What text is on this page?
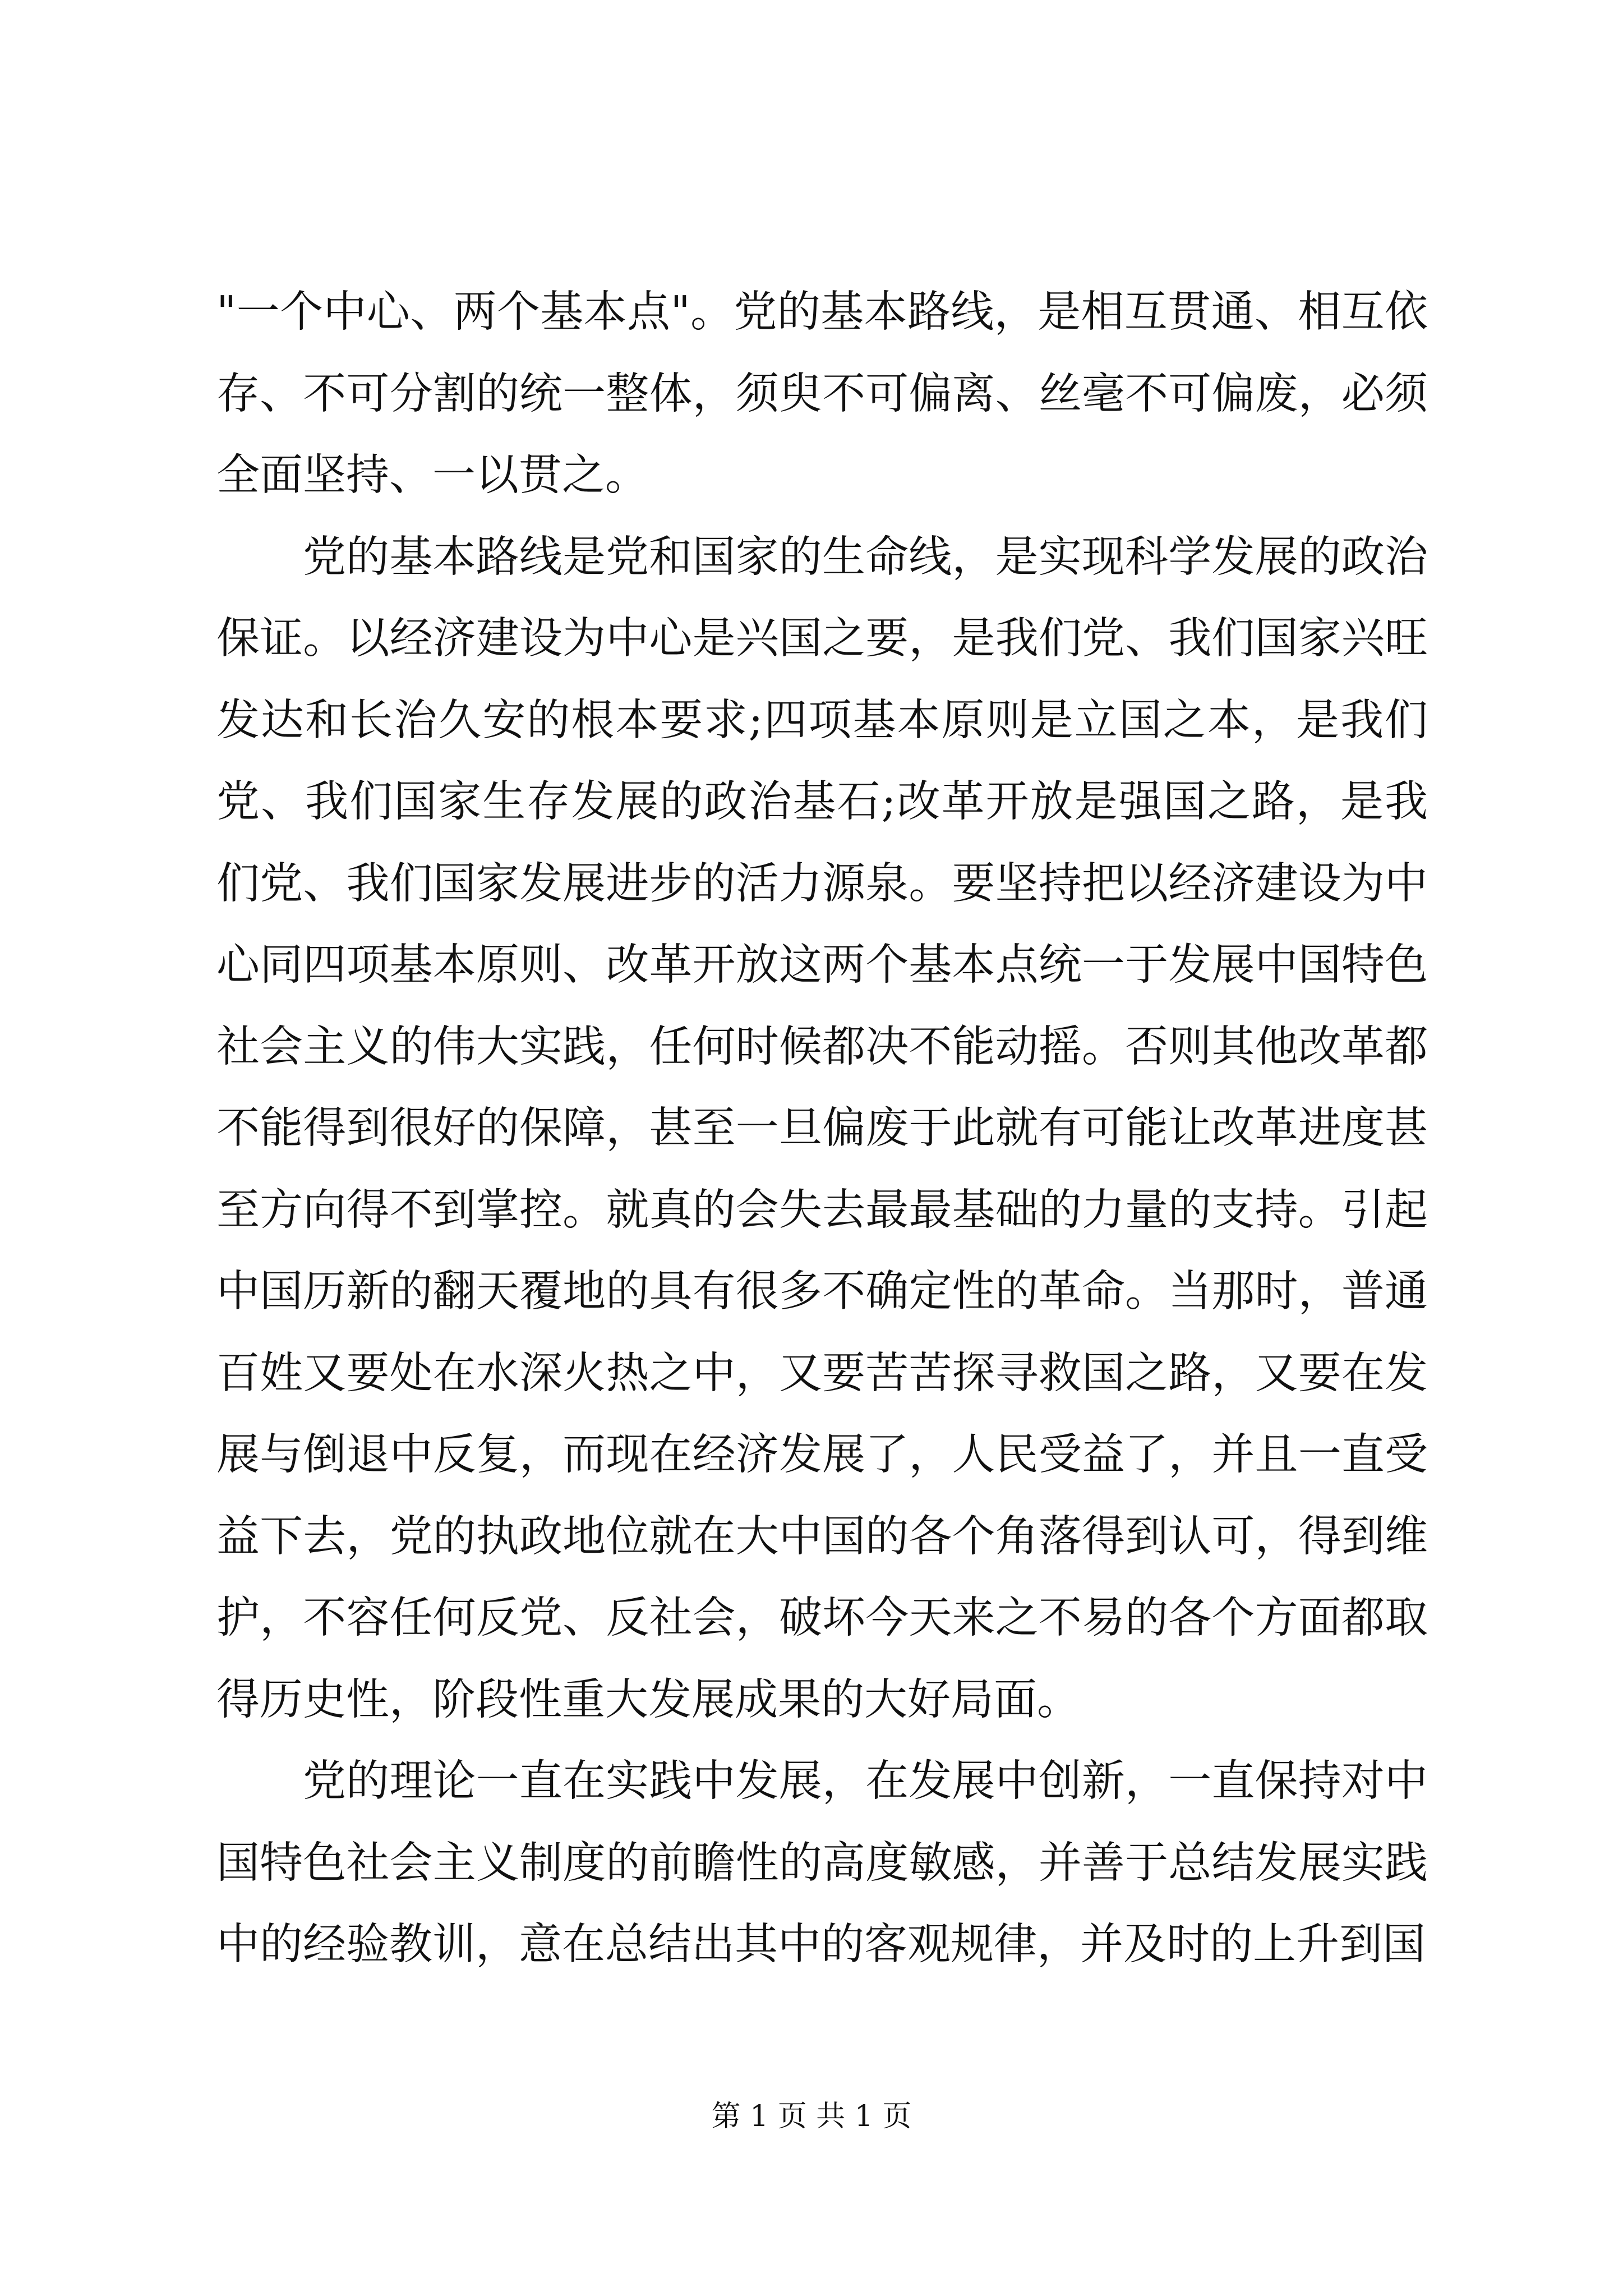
"一个中心、两个基本点"。党的基本路线，是相互贯通、相互依存、不可分割的统一整体，须臾不可偏离、丝毫不可偏废，必须全面坚持、一以贯之。

党的基本路线是党和国家的生命线，是实现科学发展的政治保证。以经济建设为中心是兴国之要，是我们党、我们国家兴旺发达和长治久安的根本要求;四项基本原则是立国之本，是我们党、我们国家生存发展的政治基石;改革开放是强国之路，是我们党、我们国家发展进步的活力源泉。要坚持把以经济建设为中心同四项基本原则、改革开放这两个基本点统一于发展中国特色社会主义的伟大实践，任何时候都决不能动摇。否则其他改革都不能得到很好的保障，甚至一旦偏废于此就有可能让改革进度甚至方向得不到掌控。就真的会失去最最基础的力量的支持。引起中国历新的翻天覆地的具有很多不确定性的革命。当那时，普通百姓又要处在水深火热之中，又要苦苦探寻救国之路，又要在发展与倒退中反复，而现在经济发展了，人民受益了，并且一直受益下去，党的执政地位就在大中国的各个角落得到认可，得到维护，不容任何反党、反社会，破坏今天来之不易的各个方面都取得历史性，阶段性重大发展成果的大好局面。

党的理论一直在实践中发展，在发展中创新，一直保持对中国特色社会主义制度的前瞻性的高度敏感，并善于总结发展实践中的经验教训，意在总结出其中的客观规律，并及时的上升到国

第 1 页 共 1 页
